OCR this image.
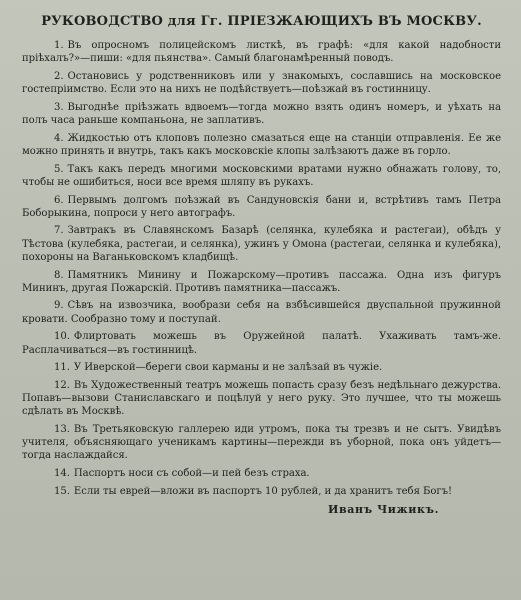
РУКОВОДСТВО для Гг. ПРІЕЗЖАЮЩИХЪ ВЪ МОСКВУ.

1. Въ опросномъ полицейскомъ листкѣ, въ графѣ: «для какой надобности пріѣхалъ?»—пиши: «для пьянства». Самый благонамѣренный поводъ.

2. Остановись у родственниковъ или у знакомыхъ, сославшись на московское гостепріимство. Если это на нихъ не подѣйствуетъ—поѣзжай въ гостинницу.

3. Выгоднѣе пріѣзжать вдвоемъ—тогда можно взять одинъ номеръ, и уѣхать на полъ часа раньше компаньона, не заплативъ.

4. Жидкостью отъ клоповъ полезно смазаться еще на станціи отправленія. Ее же можно принять и внутрь, такъ какъ московскіе клопы залѣзаютъ даже въ горло.

5. Такъ какъ передъ многими московскими вратами нужно обнажать голову, то, чтобы не ошибиться, носи все время шляпу въ рукахъ.

6. Первымъ долгомъ поѣзжай въ Сандуновскія бани и, встрѣтивъ тамъ Петра Боборыкина, попроси у него автографъ.

7. Завтракъ въ Славянскомъ Базарѣ (селянка, кулебяка и растегаи), обѣдъ у Тѣстова (кулебяка, растегаи, и селянка), ужинъ у Омона (растегаи, селянка и кулебяка), похороны на Ваганьковскомъ кладбищѣ.

8. Памятникъ Минину и Пожарскому—противъ пассажа. Одна изъ фигуръ Мининъ, другая Пожарскій. Противъ памятника—пассажъ.

9. Сѣвъ на извозчика, вообрази себя на взбѣсившейся двуспальной пружинной кровати. Сообразно тому и поступай.

10. Флиртовать можешь въ Оружейной палатѣ. Ухаживать тамъ-же. Расплачиваться—въ гостинницѣ.

11. У Иверской—береги свои карманы и не залѣзай въ чужіе.

12. Въ Художественный театръ можешь попасть сразу безъ недѣльнаго дежурства. Попавъ—вызови Станиславскаго и поцѣлуй у него руку. Это лучшее, что ты можешь сдѣлать въ Москвѣ.

13. Въ Третьяковскую галлерею иди утромъ, пока ты трезвъ и не сытъ. Увидѣвъ учителя, объясняющаго ученикамъ картины—пережди въ уборной, пока онъ уйдетъ—тогда наслаждайся.

14. Паспортъ носи съ собой—и пей безъ страха.

15. Если ты еврей—вложи въ паспортъ 10 рублей, и да хранитъ тебя Богъ!

Иванъ Чижикъ.
